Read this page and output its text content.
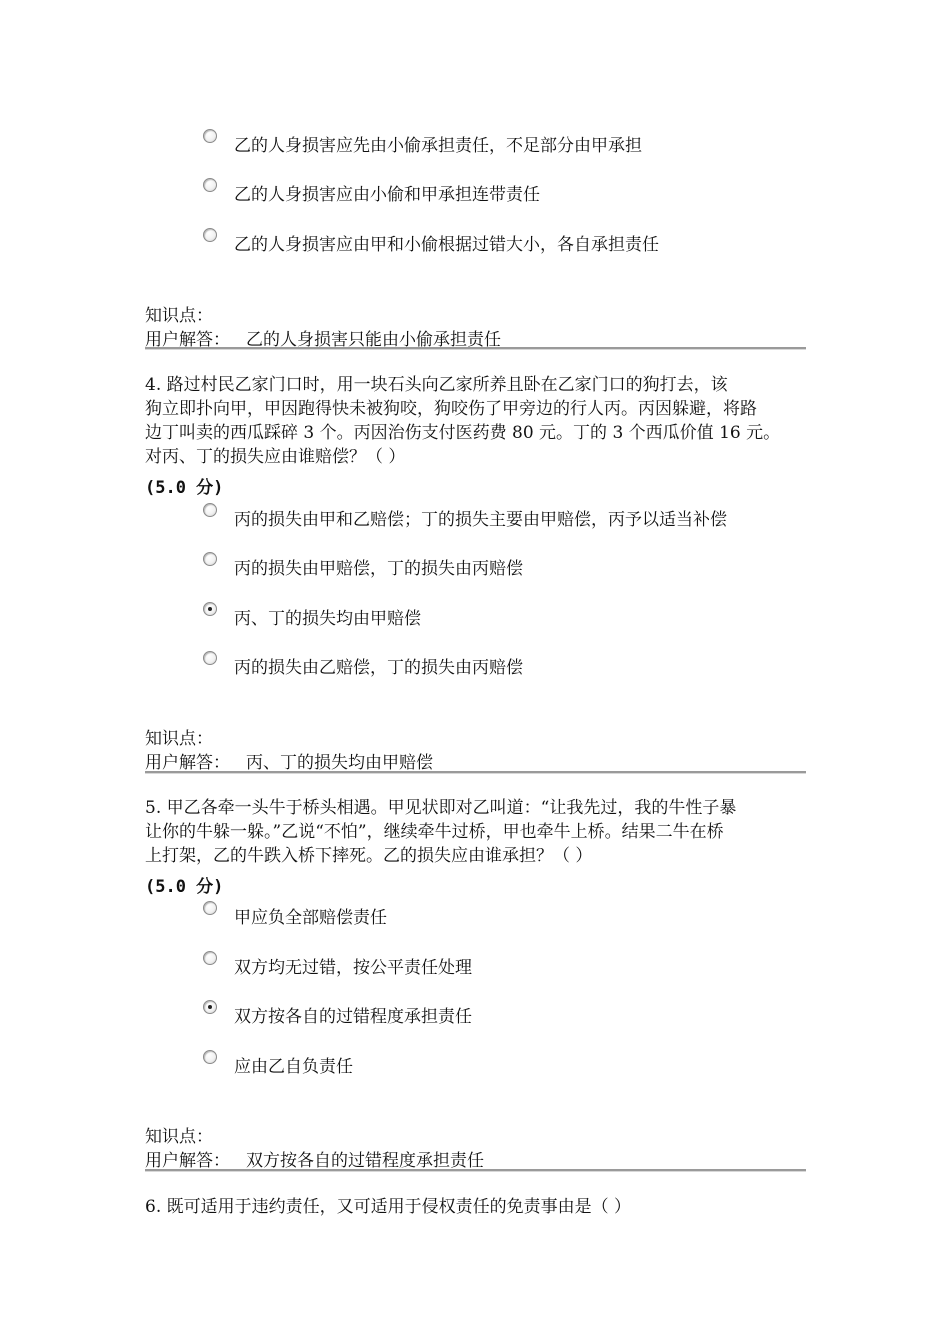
乙的人身损害应先由小偷承担责任，不足部分由甲承担
乙的人身损害应由小偷和甲承担连带责任
乙的人身损害应由甲和小偷根据过错大小，各自承担责任
知识点：
用户解答： 乙的人身损害只能由小偷承担责任
4. 路过村民乙家门口时，用一块石头向乙家所养且卧在乙家门口的狗打去，该
狗立即扑向甲，甲因跑得快未被狗咬，狗咬伤了甲旁边的行人丙。丙因躲避，将路
边丁叫卖的西瓜踩碎 3 个。丙因治伤支付医药费 80 元。丁的 3 个西瓜价值 16 元。
对丙、丁的损失应由谁赔偿？（ ）
(5.0 分)
丙的损失由甲和乙赔偿；丁的损失主要由甲赔偿，丙予以适当补偿
丙的损失由甲赔偿，丁的损失由丙赔偿
丙、丁的损失均由甲赔偿
丙的损失由乙赔偿，丁的损失由丙赔偿
知识点：
用户解答： 丙、丁的损失均由甲赔偿
5. 甲乙各牵一头牛于桥头相遇。甲见状即对乙叫道：“让我先过，我的牛性子暴
让你的牛躲一躲。”乙说“不怕”，继续牵牛过桥，甲也牵牛上桥。结果二牛在桥
上打架，乙的牛跌入桥下摔死。乙的损失应由谁承担？（ ）
(5.0 分)
甲应负全部赔偿责任
双方均无过错，按公平责任处理
双方按各自的过错程度承担责任
应由乙自负责任
知识点：
用户解答： 双方按各自的过错程度承担责任
6. 既可适用于违约责任，又可适用于侵权责任的免责事由是（ ）
